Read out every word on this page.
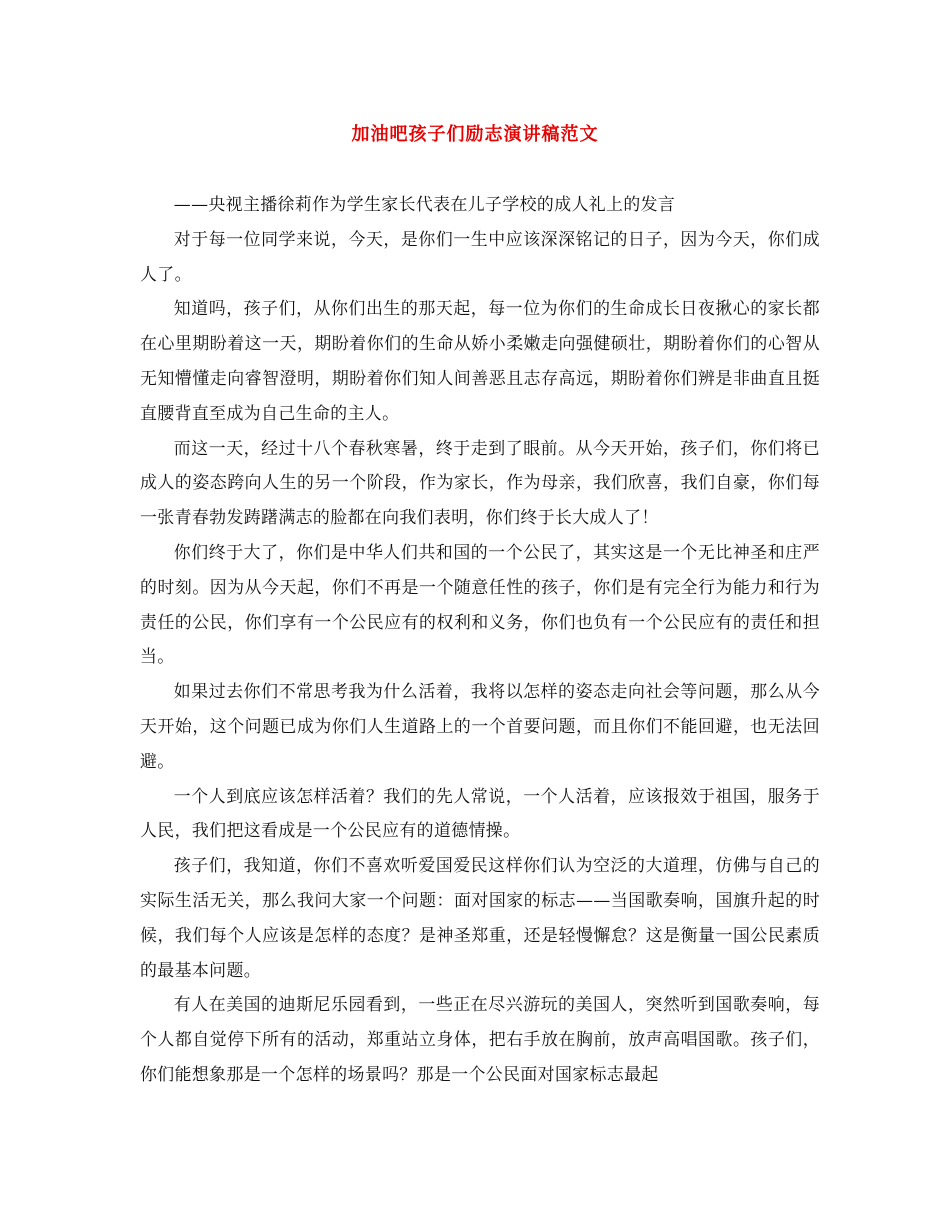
加油吧孩子们励志演讲稿范文

——央视主播徐莉作为学生家长代表在儿子学校的成人礼上的发言

对于每一位同学来说，今天，是你们一生中应该深深铭记的日子，因为今天，你们成人了。

知道吗，孩子们，从你们出生的那天起，每一位为你们的生命成长日夜揪心的家长都在心里期盼着这一天，期盼着你们的生命从娇小柔嫩走向强健硕壮，期盼着你们的心智从无知懵懂走向睿智澄明，期盼着你们知人间善恶且志存高远，期盼着你们辨是非曲直且挺直腰背直至成为自己生命的主人。

而这一天，经过十八个春秋寒暑，终于走到了眼前。从今天开始，孩子们，你们将已成人的姿态跨向人生的另一个阶段，作为家长，作为母亲，我们欣喜，我们自豪，你们每一张青春勃发踌躇满志的脸都在向我们表明，你们终于长大成人了！

你们终于大了，你们是中华人们共和国的一个公民了，其实这是一个无比神圣和庄严的时刻。因为从今天起，你们不再是一个随意任性的孩子，你们是有完全行为能力和行为责任的公民，你们享有一个公民应有的权利和义务，你们也负有一个公民应有的责任和担当。

如果过去你们不常思考我为什么活着，我将以怎样的姿态走向社会等问题，那么从今天开始，这个问题已成为你们人生道路上的一个首要问题，而且你们不能回避，也无法回避。

一个人到底应该怎样活着？我们的先人常说，一个人活着，应该报效于祖国，服务于人民，我们把这看成是一个公民应有的道德情操。

孩子们，我知道，你们不喜欢听爱国爱民这样你们认为空泛的大道理，仿佛与自己的实际生活无关，那么我问大家一个问题：面对国家的标志——当国歌奏响，国旗升起的时候，我们每个人应该是怎样的态度？是神圣郑重，还是轻慢懈怠？这是衡量一国公民素质的最基本问题。

有人在美国的迪斯尼乐园看到，一些正在尽兴游玩的美国人，突然听到国歌奏响，每个人都自觉停下所有的活动，郑重站立身体，把右手放在胸前，放声高唱国歌。孩子们，你们能想象那是一个怎样的场景吗？那是一个公民面对国家标志最起
